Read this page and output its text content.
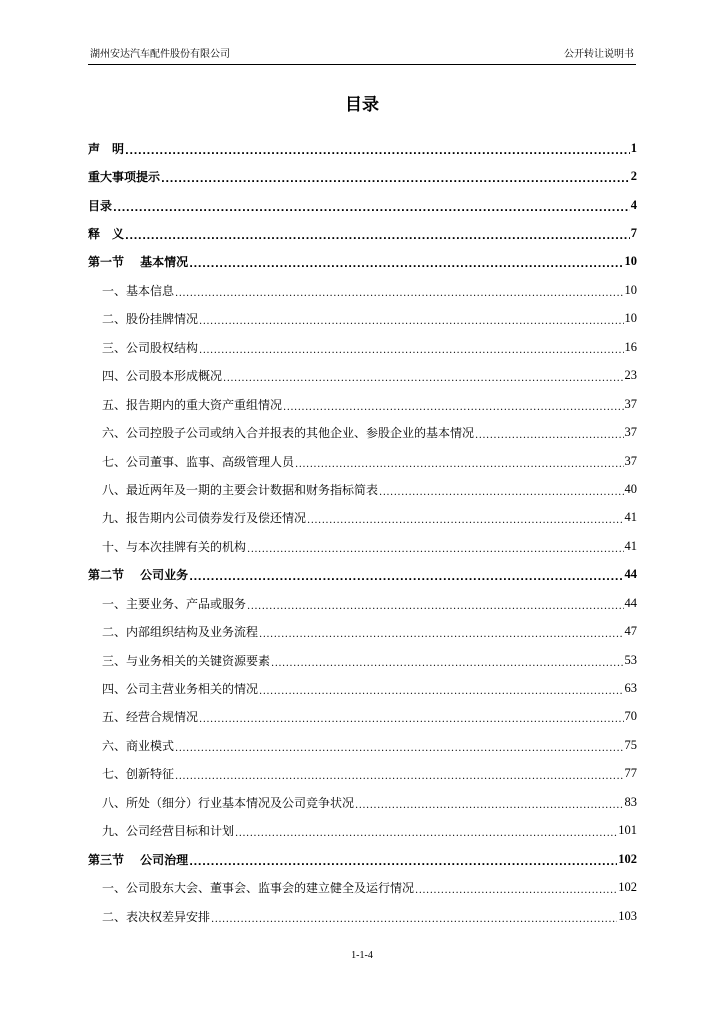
湖州安达汽车配件股份有限公司	公开转让说明书
目录
声　明 .....	1
重大事项提示 .....	2
目录 .....	4
释　义 .....	7
第一节　 基本情况 .....	10
一、基本信息 .....	10
二、股份挂牌情况 .....	10
三、公司股权结构 .....	16
四、公司股本形成概况 .....	23
五、报告期内的重大资产重组情况 .....	37
六、公司控股子公司或纳入合并报表的其他企业、参股企业的基本情况 .....	37
七、公司董事、监事、高级管理人员 .....	37
八、最近两年及一期的主要会计数据和财务指标简表 .....	40
九、报告期内公司债券发行及偿还情况 .....	41
十、与本次挂牌有关的机构 .....	41
第二节　 公司业务 .....	44
一、主要业务、产品或服务 .....	44
二、内部组织结构及业务流程 .....	47
三、与业务相关的关键资源要素 .....	53
四、公司主营业务相关的情况 .....	63
五、经营合规情况 .....	70
六、商业模式 .....	75
七、创新特征 .....	77
八、所处（细分）行业基本情况及公司竞争状况 .....	83
九、公司经营目标和计划 .....	101
第三节　 公司治理 .....	102
一、公司股东大会、董事会、监事会的建立健全及运行情况 .....	102
二、表决权差异安排 .....	103
1-1-4
